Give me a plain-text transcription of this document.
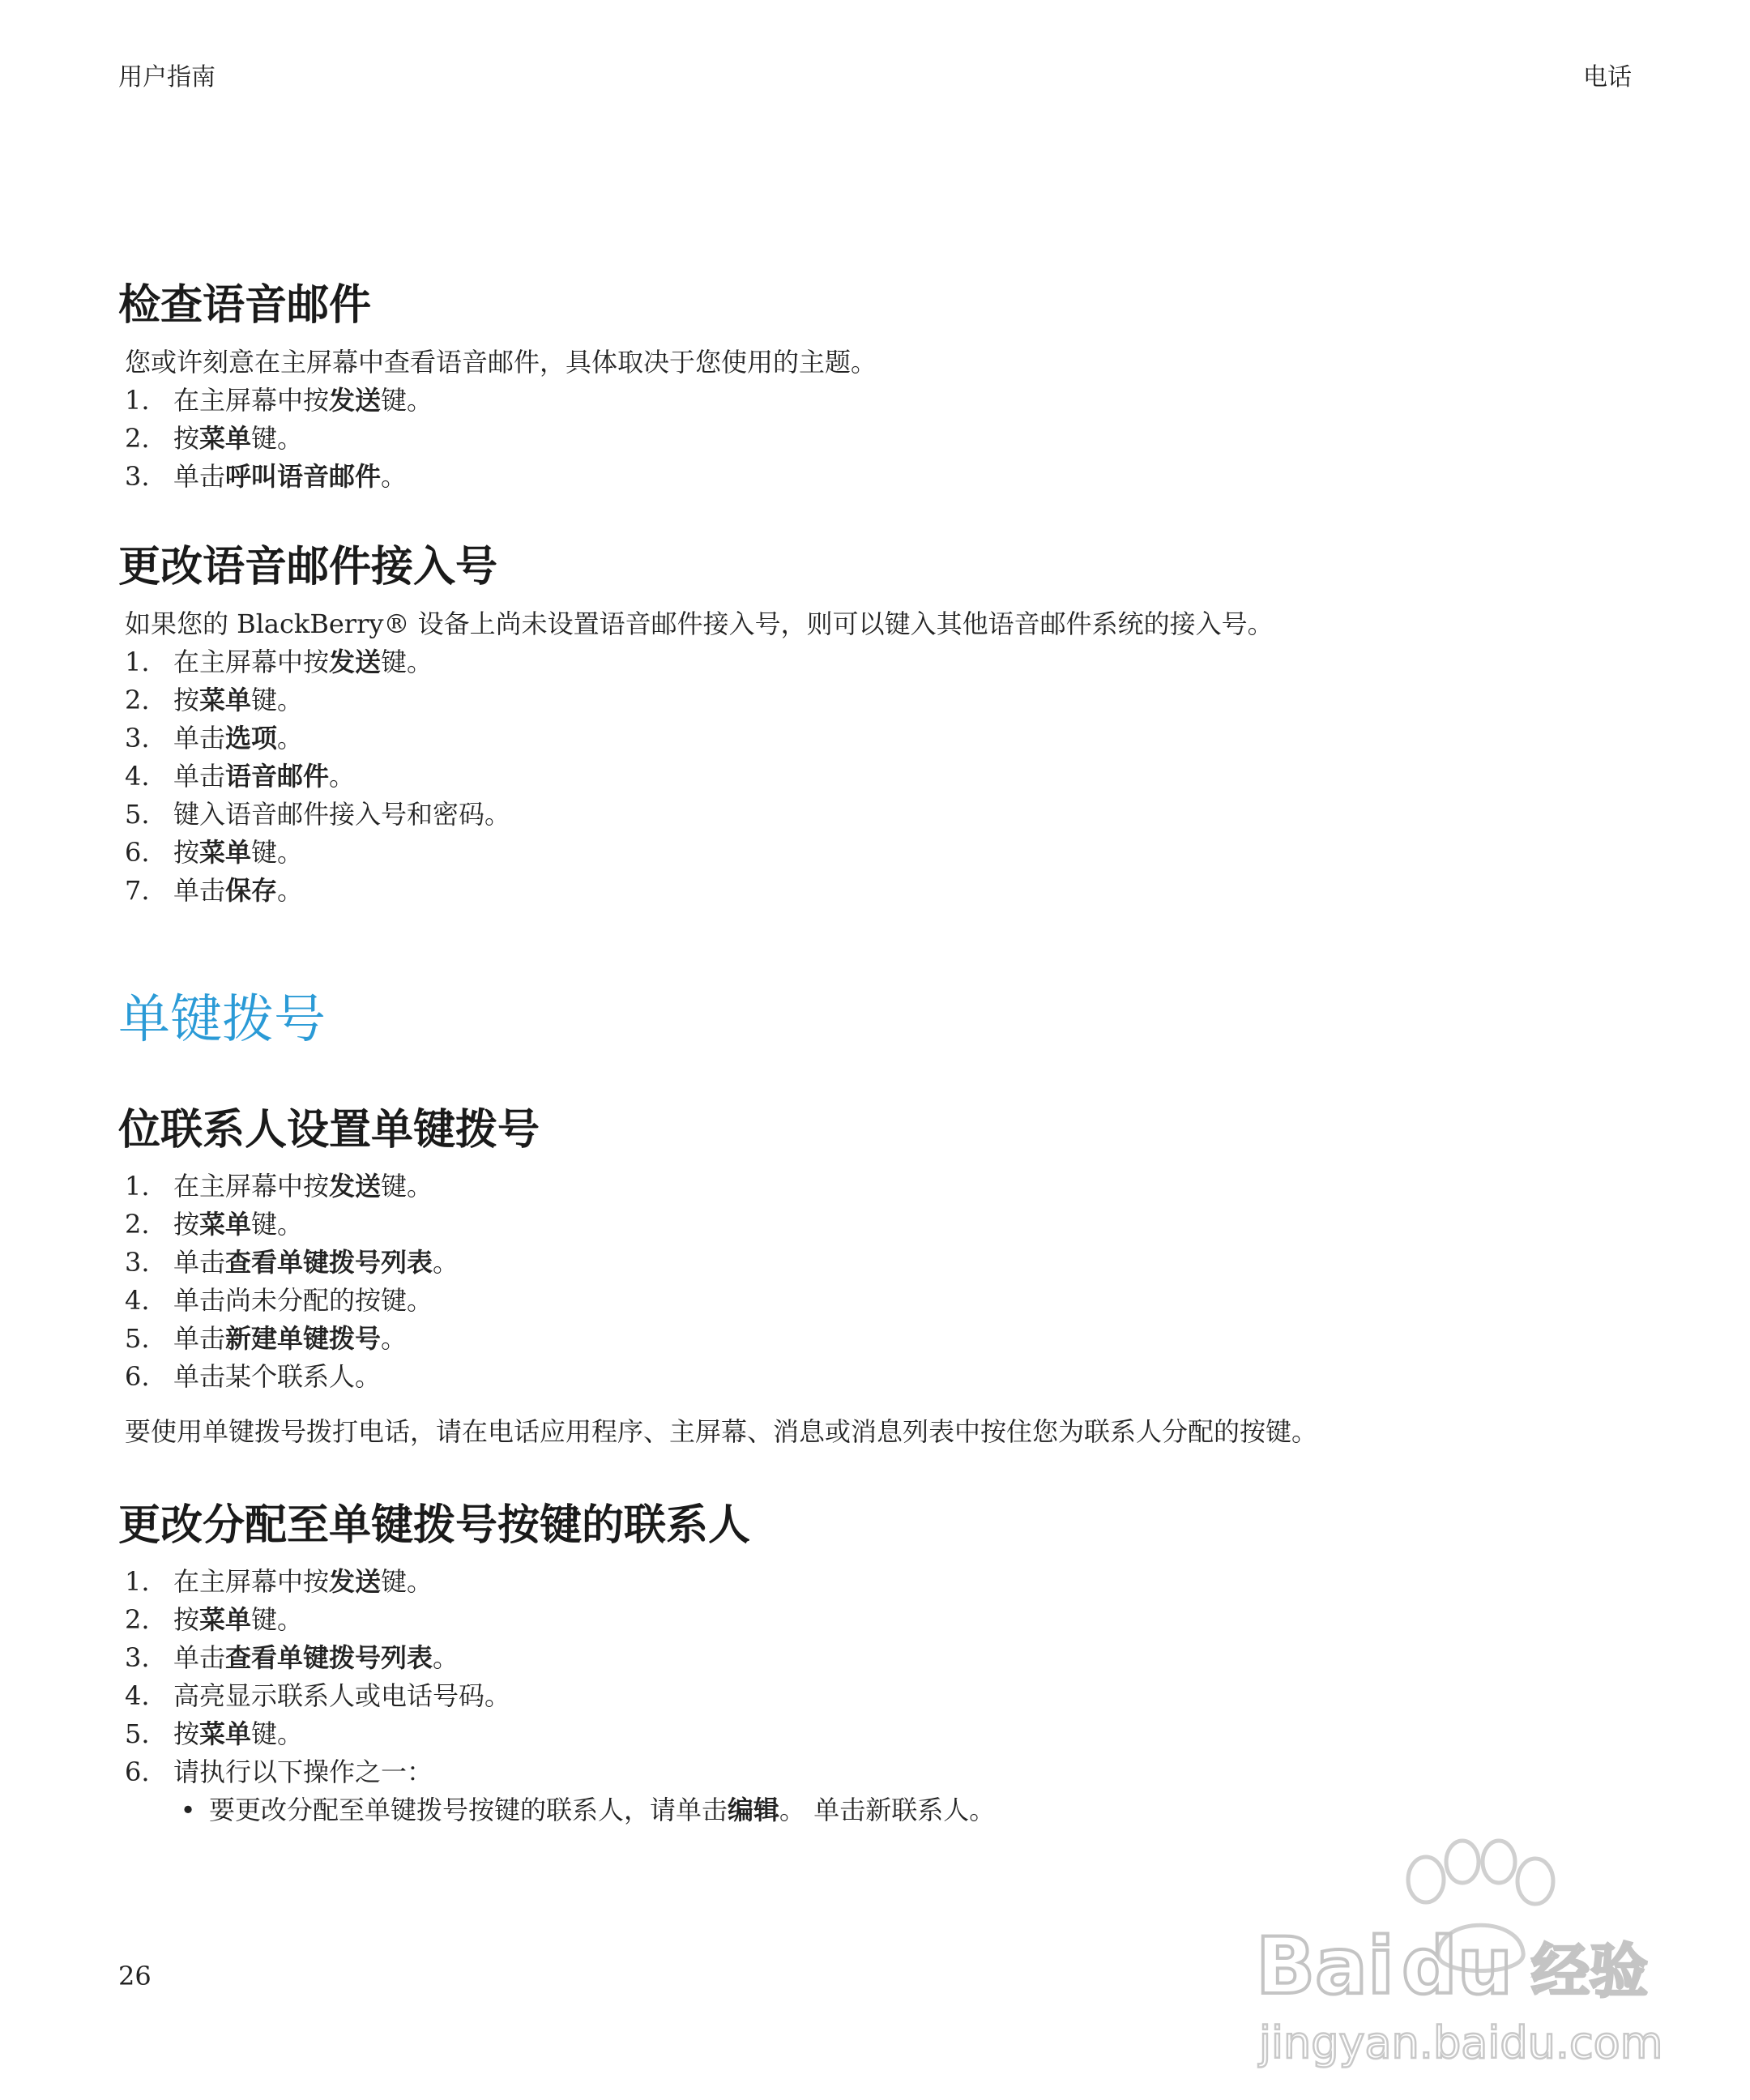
用户指南	电话
检查语音邮件

您或许刻意在主屏幕中查看语音邮件，具体取决于您使用的主题。

1. 在主屏幕中按发送键。
2. 按菜单键。
3. 单击呼叫语音邮件。
更改语音邮件接入号

如果您的 BlackBerry® 设备上尚未设置语音邮件接入号，则可以键入其他语音邮件系统的接入号。

1. 在主屏幕中按发送键。
2. 按菜单键。
3. 单击选项。
4. 单击语音邮件。
5. 键入语音邮件接入号和密码。
6. 按菜单键。
7. 单击保存。
单键拨号
位联系人设置单键拨号
1. 在主屏幕中按发送键。
2. 按菜单键。
3. 单击查看单键拨号列表。
4. 单击尚未分配的按键。
5. 单击新建单键拨号。
6. 单击某个联系人。

要使用单键拨号拨打电话，请在电话应用程序、主屏幕、消息或消息列表中按住您为联系人分配的按键。

更改分配至单键拨号按键的联系人
1. 在主屏幕中按发送键。
2. 按菜单键。
3. 单击查看单键拨号列表。
4. 高亮显示联系人或电话号码。
5. 按菜单键。
6. 请执行以下操作之一：
• 要更改分配至单键拨号按键的联系人，请单击编辑。 单击新联系人。
26	Bai du 经验
jingyan.baidu.com
